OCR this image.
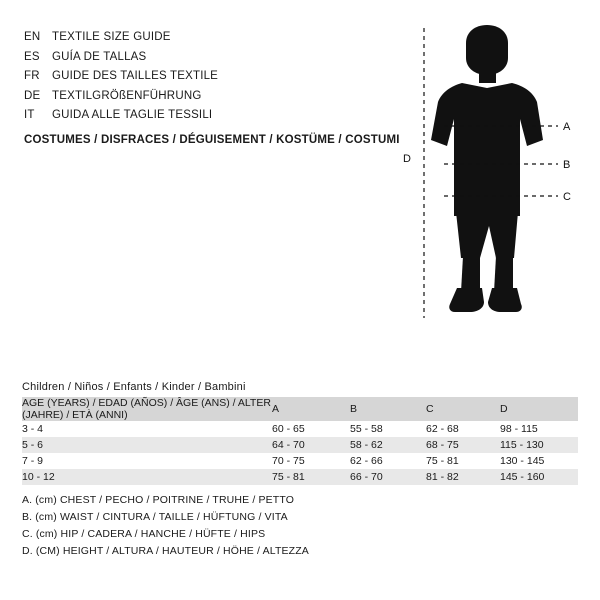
EN	TEXTILE SIZE GUIDE
ES	GUÍA DE TALLAS
FR	GUIDE DES TAILLES TEXTILE
DE	TEXTILGRÖßENFÜHRUNG
IT	GUIDA ALLE TAGLIE TESSILI
COSTUMES / DISFRACES / DÉGUISEMENT / KOSTÜME / COSTUMI
A
B
C
D
Children / Niños / Enfants / Kinder / Bambini
AGE (YEARS) / EDAD (AÑOS) / ÂGE (ANS) / ALTER (JAHRE) / ETÀ (ANNI)	A	B	C	D
3 - 4	60 - 65	55 - 58	62 - 68	98 - 115
5 - 6	64 - 70	58 - 62	68 - 75	115 - 130
7 - 9	70 - 75	62 - 66	75 - 81	130 - 145
10 - 12	75 - 81	66 - 70	81 - 82	145 - 160
A. (cm) CHEST / PECHO / POITRINE / TRUHE / PETTO
B. (cm) WAIST / CINTURA / TAILLE / HÜFTUNG / VITA
C. (cm) HIP / CADERA / HANCHE / HÜFTE / HIPS
D. (CM) HEIGHT / ALTURA / HAUTEUR / HÖHE / ALTEZZA
